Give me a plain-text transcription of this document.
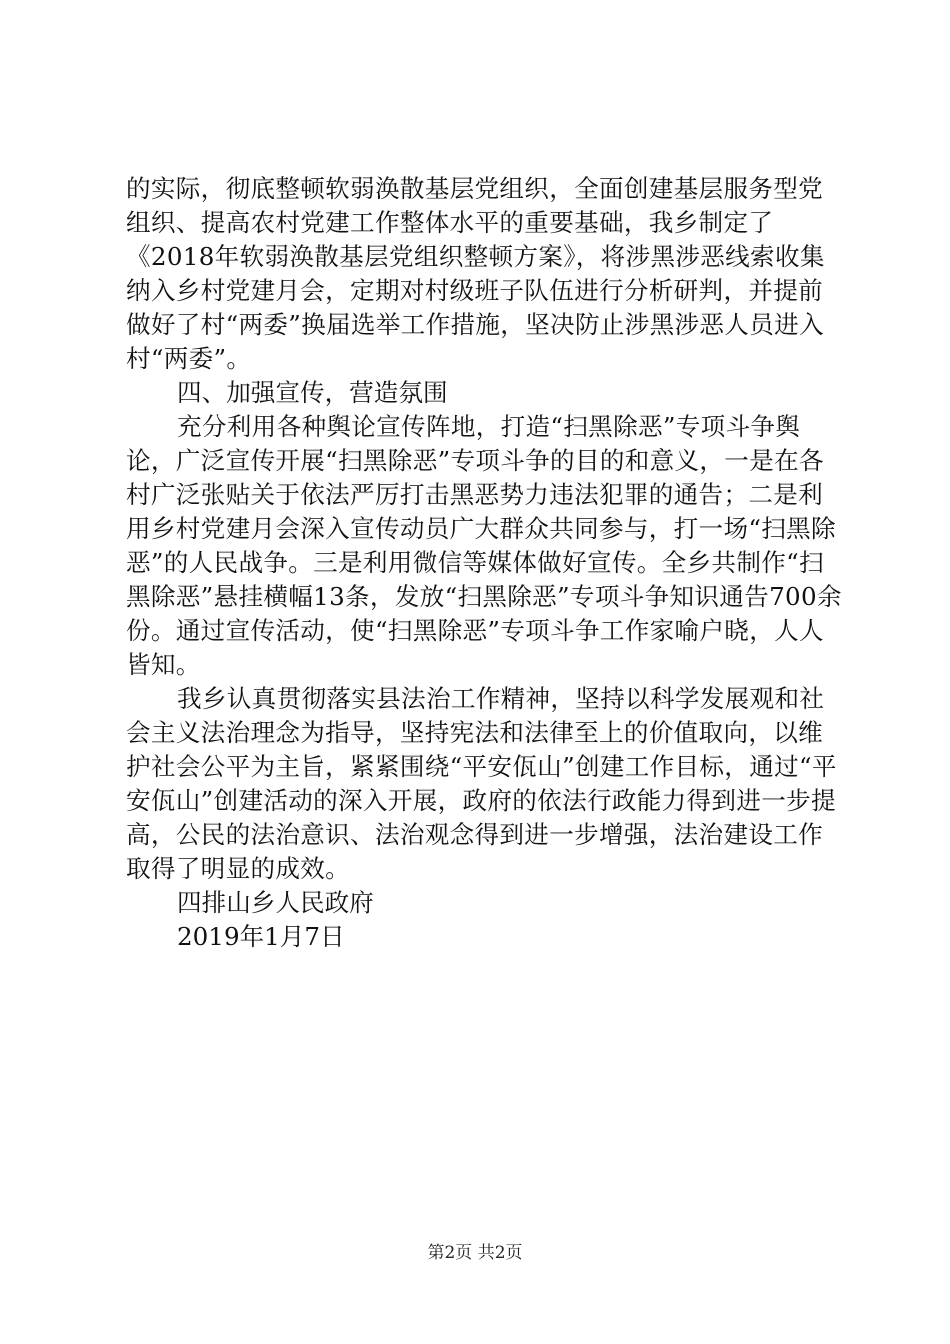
的实际，彻底整顿软弱涣散基层党组织，全面创建基层服务型党组织、提高农村党建工作整体水平的重要基础，我乡制定了《2018年软弱涣散基层党组织整顿方案》，将涉黑涉恶线索收集纳入乡村党建月会，定期对村级班子队伍进行分析研判，并提前做好了村“两委”换届选举工作措施，坚决防止涉黑涉恶人员进入村“两委”。

四、加强宣传，营造氛围

充分利用各种舆论宣传阵地，打造“扫黑除恶”专项斗争舆论，广泛宣传开展“扫黑除恶”专项斗争的目的和意义，一是在各村广泛张贴关于依法严厉打击黑恶势力违法犯罪的通告；二是利用乡村党建月会深入宣传动员广大群众共同参与，打一场“扫黑除恶”的人民战争。三是利用微信等媒体做好宣传。全乡共制作“扫黑除恶”悬挂横幅13条，发放“扫黑除恶”专项斗争知识通告700余份。通过宣传活动，使“扫黑除恶”专项斗争工作家喻户晓，人人皆知。

我乡认真贯彻落实县法治工作精神，坚持以科学发展观和社会主义法治理念为指导，坚持宪法和法律至上的价值取向，以维护社会公平为主旨，紧紧围绕“平安佤山”创建工作目标，通过“平安佤山”创建活动的深入开展，政府的依法行政能力得到进一步提高，公民的法治意识、法治观念得到进一步增强，法治建设工作取得了明显的成效。

四排山乡人民政府

2019年1月7日

第2页 共2页
